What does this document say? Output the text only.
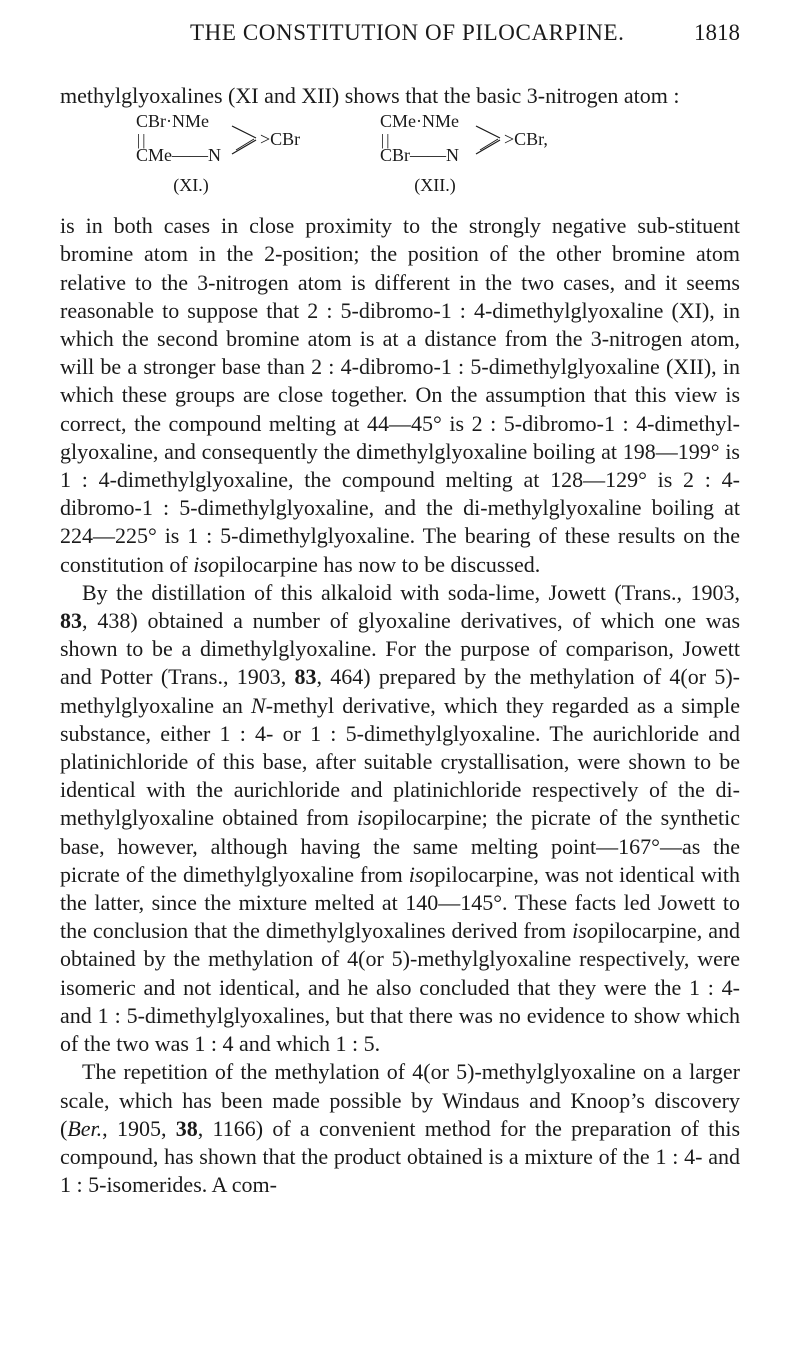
THE CONSTITUTION OF PILOCARPINE.	1818

methylglyoxalines (XI and XII) shows that the basic 3-nitrogen atom :

CBr·NMe
| |
CMe——N
>CBr
(XI.)
CMe·NMe
| |
CBr——N
>CBr,
(XII.)

is in both cases in close proximity to the strongly negative sub-stituent bromine atom in the 2-position; the position of the other bromine atom relative to the 3-nitrogen atom is different in the two cases, and it seems reasonable to suppose that 2 : 5-dibromo-1 : 4-dimethylglyoxaline (XI), in which the second bromine atom is at a distance from the 3-nitrogen atom, will be a stronger base than 2 : 4-dibromo-1 : 5-dimethylglyoxaline (XII), in which these groups are close together. On the assumption that this view is correct, the compound melting at 44—45° is 2 : 5-dibromo-1 : 4-dimethyl-glyoxaline, and consequently the dimethylglyoxaline boiling at 198—199° is 1 : 4-dimethylglyoxaline, the compound melting at 128—129° is 2 : 4-dibromo-1 : 5-dimethylglyoxaline, and the di-methylglyoxaline boiling at 224—225° is 1 : 5-dimethylglyoxaline. The bearing of these results on the constitution of isopilocarpine has now to be discussed.

By the distillation of this alkaloid with soda-lime, Jowett (Trans., 1903, 83, 438) obtained a number of glyoxaline derivatives, of which one was shown to be a dimethylglyoxaline. For the purpose of comparison, Jowett and Potter (Trans., 1903, 83, 464) prepared by the methylation of 4(or 5)-methylglyoxaline an N-methyl derivative, which they regarded as a simple substance, either 1 : 4- or 1 : 5-dimethylglyoxaline. The aurichloride and platinichloride of this base, after suitable crystallisation, were shown to be identical with the aurichloride and platinichloride respectively of the di-methylglyoxaline obtained from isopilocarpine; the picrate of the synthetic base, however, although having the same melting point—167°—as the picrate of the dimethylglyoxaline from isopilocarpine, was not identical with the latter, since the mixture melted at 140—145°. These facts led Jowett to the conclusion that the dimethylglyoxalines derived from isopilocarpine, and obtained by the methylation of 4(or 5)-methylglyoxaline respectively, were isomeric and not identical, and he also concluded that they were the 1 : 4- and 1 : 5-dimethylglyoxalines, but that there was no evidence to show which of the two was 1 : 4 and which 1 : 5.

The repetition of the methylation of 4(or 5)-methylglyoxaline on a larger scale, which has been made possible by Windaus and Knoop’s discovery (Ber., 1905, 38, 1166) of a convenient method for the preparation of this compound, has shown that the product obtained is a mixture of the 1 : 4- and 1 : 5-isomerides. A com-
